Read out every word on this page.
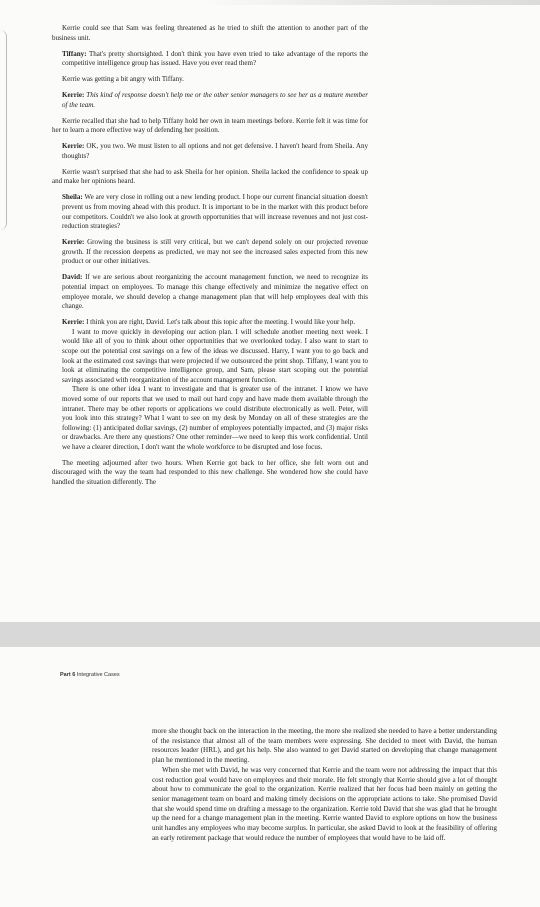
Kerrie could see that Sam was feeling threatened as he tried to shift the attention to another part of the business unit.

Tiffany: That's pretty shortsighted. I don't think you have even tried to take advantage of the reports the competitive intelligence group has issued. Have you ever read them?

Kerrie was getting a bit angry with Tiffany.

Kerrie: This kind of response doesn't help me or the other senior managers to see her as a mature member of the team.

Kerrie recalled that she had to help Tiffany hold her own in team meetings before. Kerrie felt it was time for her to learn a more effective way of defending her position.

Kerrie: OK, you two. We must listen to all options and not get defensive. I haven't heard from Sheila. Any thoughts?

Kerrie wasn't surprised that she had to ask Sheila for her opinion. Sheila lacked the confidence to speak up and make her opinions heard.

Sheila: We are very close in rolling out a new lending product. I hope our current financial situation doesn't prevent us from moving ahead with this product. It is important to be in the market with this product before our competitors. Couldn't we also look at growth opportunities that will increase revenues and not just cost-reduction strategies?

Kerrie: Growing the business is still very critical, but we can't depend solely on our projected revenue growth. If the recession deepens as predicted, we may not see the increased sales expected from this new product or our other initiatives.

David: If we are serious about reorganizing the account management function, we need to recognize its potential impact on employees. To manage this change effectively and minimize the negative effect on employee morale, we should develop a change management plan that will help employees deal with this change.

Kerrie: I think you are right, David. Let's talk about this topic after the meeting. I would like your help.

I want to move quickly in developing our action plan. I will schedule another meeting next week. I would like all of you to think about other opportunities that we overlooked today. I also want to start to scope out the potential cost savings on a few of the ideas we discussed. Harry, I want you to go back and look at the estimated cost savings that were projected if we outsourced the print shop. Tiffany, I want you to look at eliminating the competitive intelligence group, and Sam, please start scoping out the potential savings associated with reorganization of the account management function.

There is one other idea I want to investigate and that is greater use of the intranet. I know we have moved some of our reports that we used to mail out hard copy and have made them available through the intranet. There may be other reports or applications we could distribute electronically as well. Peter, will you look into this strategy? What I want to see on my desk by Monday on all of these strategies are the following: (1) anticipated dollar savings, (2) number of employees potentially impacted, and (3) major risks or drawbacks. Are there any questions? One other reminder—we need to keep this work confidential. Until we have a clearer direction, I don't want the whole workforce to be disrupted and lose focus.

The meeting adjourned after two hours. When Kerrie got back to her office, she felt worn out and discouraged with the way the team had responded to this new challenge. She wondered how she could have handled the situation differently. The

Part 6 Integrative Cases

more she thought back on the interaction in the meeting, the more she realized she needed to have a better understanding of the resistance that almost all of the team members were expressing. She decided to meet with David, the human resources leader (HRL), and get his help. She also wanted to get David started on developing that change management plan he mentioned in the meeting.

When she met with David, he was very concerned that Kerrie and the team were not addressing the impact that this cost reduction goal would have on employees and their morale. He felt strongly that Kerrie should give a lot of thought about how to communicate the goal to the organization. Kerrie realized that her focus had been mainly on getting the senior management team on board and making timely decisions on the appropriate actions to take. She promised David that she would spend time on drafting a message to the organization. Kerrie told David that she was glad that he brought up the need for a change management plan in the meeting. Kerrie wanted David to explore options on how the business unit handles any employees who may become surplus. In particular, she asked David to look at the feasibility of offering an early retirement package that would reduce the number of employees that would have to be laid off.
